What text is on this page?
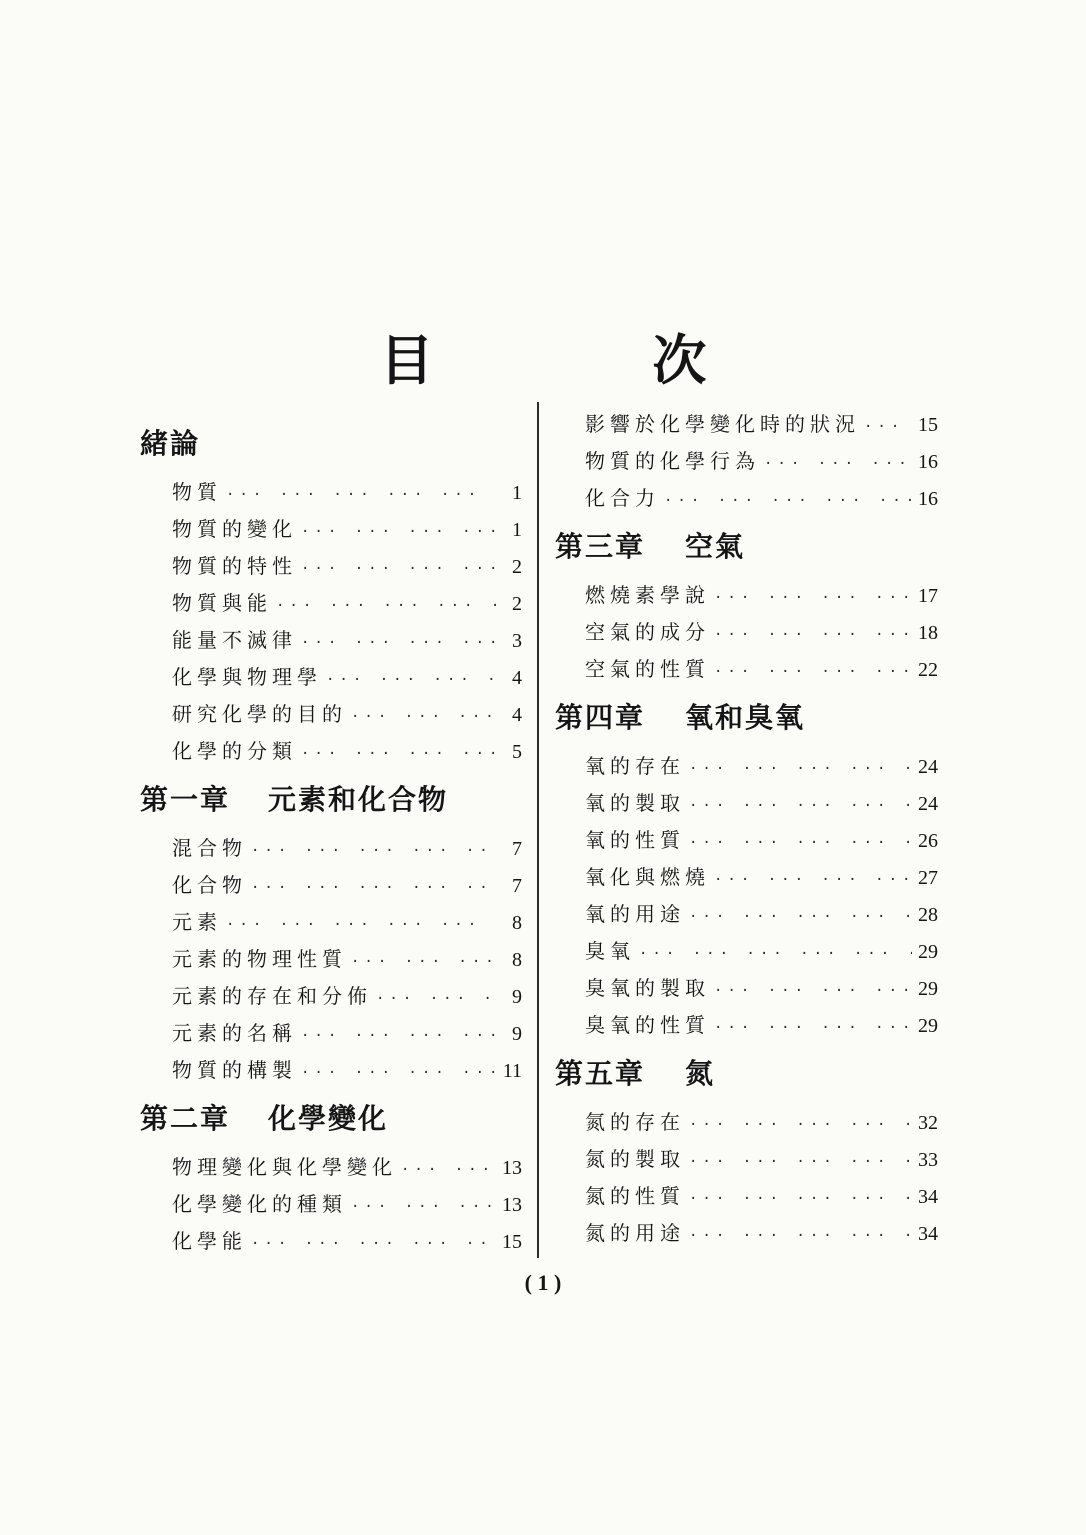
目 次
緒論
物質 ··· ·	1
物質的變化 ··· ·	1
物質的特性 ··· ·	2
物質與能 ··· ·	2
能量不滅律 ··· ·	3
化學與物理學 ··· ·	4
研究化學的目的 ··· ·	4
化學的分類 ··· ·	5
第一章 元素和化合物
混合物 ··· ·	7
化合物 ··· ·	7
元素 ··· ·	8
元素的物理性質 ··· ·	8
元素的存在和分佈 ··· ·	9
元素的名稱 ··· ·	9
物質的構製 ··· ·	11
第二章 化學變化
物理變化與化學變化 ··· ·	13
化學變化的種類 ··· ·	13
化學能 ··· ·	15
影響於化學變化時的狀況 ··· ·	15
物質的化學行為 ··· ·	16
化合力 ··· ·	16
第三章 空氣
燃燒素學說 ··· ·	17
空氣的成分 ··· ·	18
空氣的性質 ··· ·	22
第四章 氧和臭氧
氧的存在 ··· ·	24
氧的製取 ··· ·	24
氧的性質 ··· ·	26
氧化與燃燒 ··· ·	27
氧的用途 ··· ·	28
臭氧 ··· ·	29
臭氧的製取 ··· ·	29
臭氧的性質 ··· ·	29
第五章 氮
氮的存在 ··· ·	32
氮的製取 ··· ·	33
氮的性質 ··· ·	34
氮的用途 ··· ·	34
( 1 )
